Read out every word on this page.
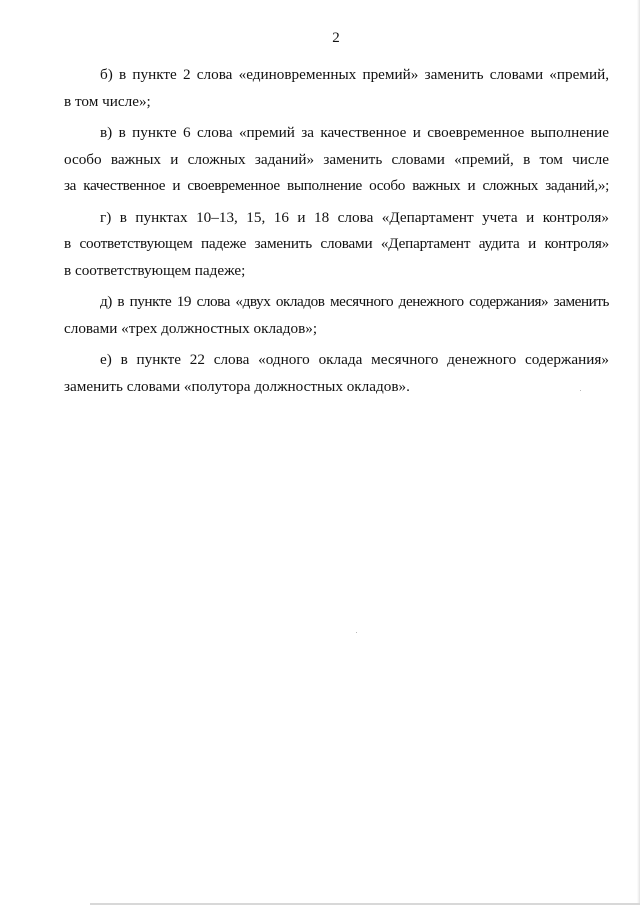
2

б) в пункте 2 слова «единовременных премий» заменить словами «премий,
в том числе»;

в) в пункте 6 слова «премий за качественное и своевременное выполнение
особо важных и сложных заданий» заменить словами «премий, в том числе
за качественное и своевременное выполнение особо важных и сложных заданий,»;

г) в пунктах 10–13, 15, 16 и 18 слова «Департамент учета и контроля»
в соответствующем падеже заменить словами «Департамент аудита и контроля»
в соответствующем падеже;

д) в пункте 19 слова «двух окладов месячного денежного содержания» заменить
словами «трех должностных окладов»;

е) в пункте 22 слова «одного оклада месячного денежного содержания»
заменить словами «полутора должностных окладов».
